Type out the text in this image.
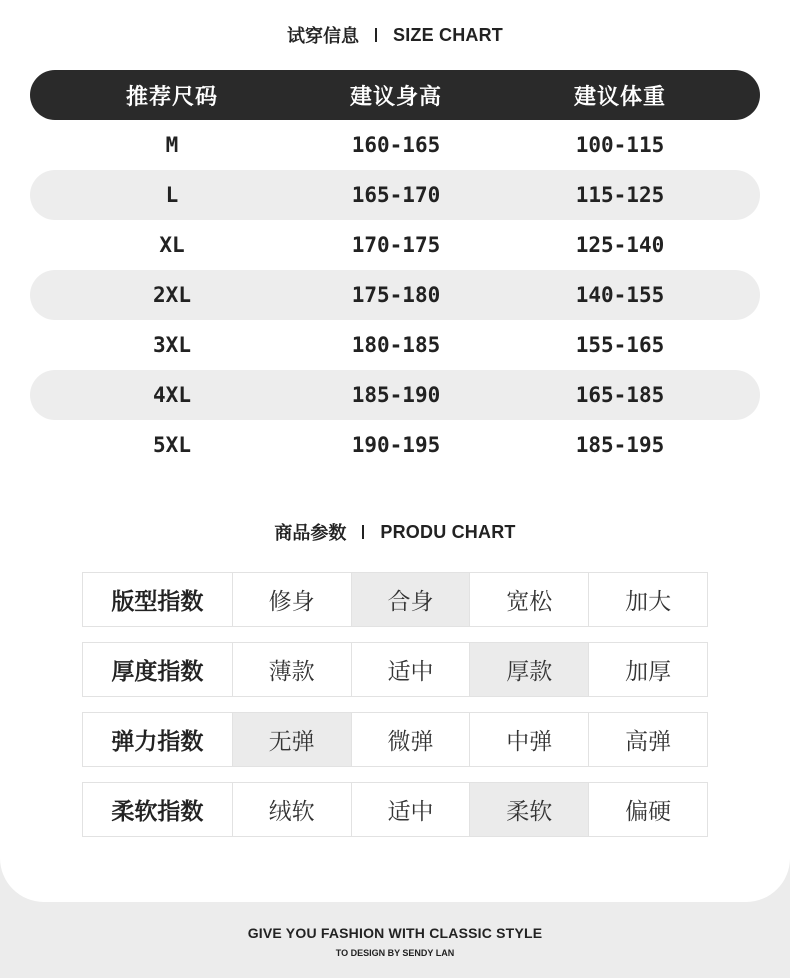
试穿信息 SIZE CHART
推荐尺码	建议身高	建议体重
M	160-165	100-115
L	165-170	115-125
XL	170-175	125-140
2XL	175-180	140-155
3XL	180-185	155-165
4XL	185-190	165-185
5XL	190-195	185-195
商品参数 PRODU CHART
版型指数	修身	合身	宽松	加大
厚度指数	薄款	适中	厚款	加厚
弹力指数	无弹	微弹	中弹	高弹
柔软指数	绒软	适中	柔软	偏硬
GIVE YOU FASHION WITH CLASSIC STYLE
TO DESIGN BY SENDY LAN
